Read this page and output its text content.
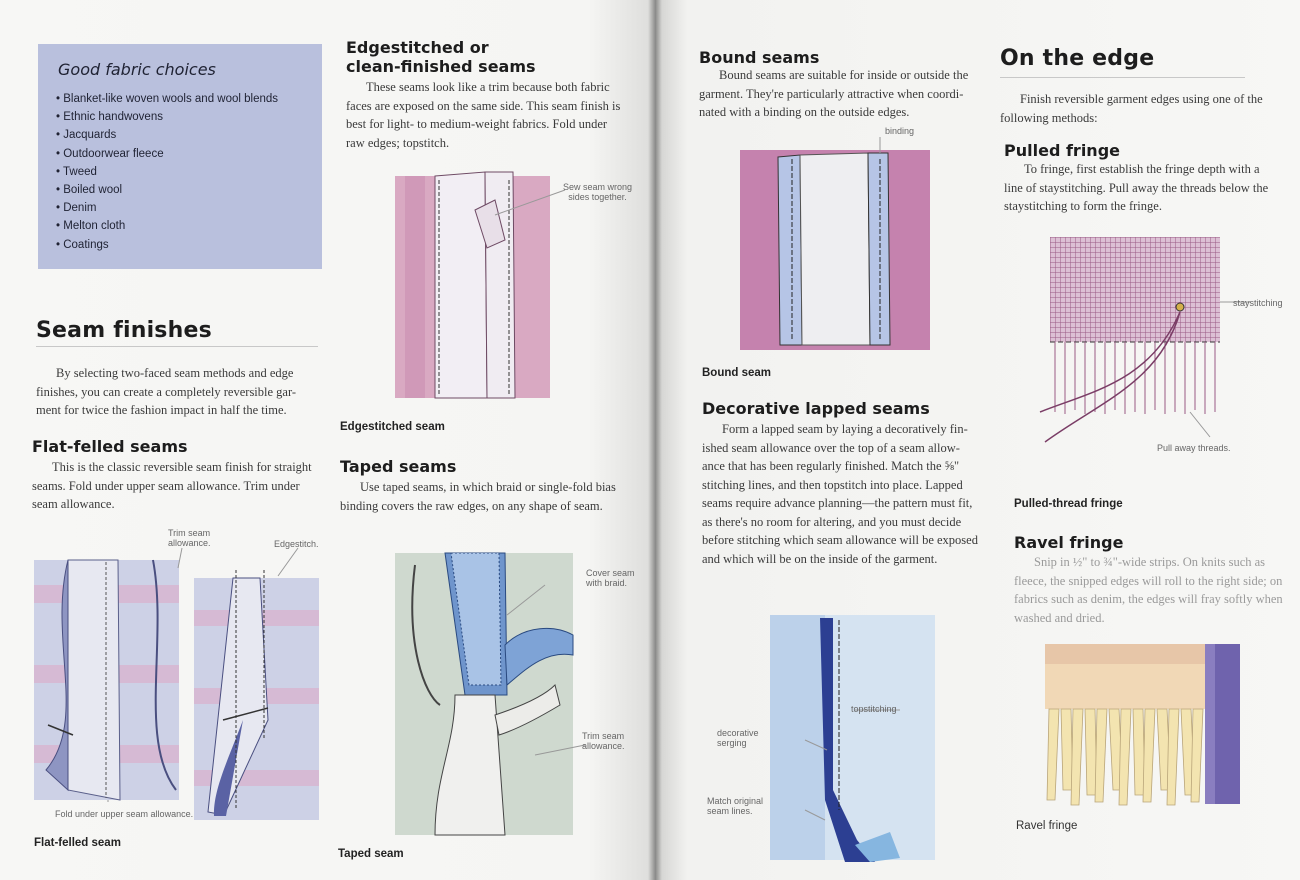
Good fabric choices
• Blanket-like woven wools and wool blends
• Ethnic handwovens
• Jacquards
• Outdoorwear fleece
• Tweed
• Boiled wool
• Denim
• Melton cloth
• Coatings
Seam finishes

By selecting two-faced seam methods and edge

finishes, you can create a completely reversible gar-

ment for twice the fashion impact in half the time.

Flat-felled seams

This is the classic reversible seam finish for straight

seams. Fold under upper seam allowance. Trim under

seam allowance.

Trim seam
allowance.	Edgestitch.
Fold under upper seam allowance.
Flat-felled seam
Edgestitched or
clean-finished seams

These seams look like a trim because both fabric

faces are exposed on the same side. This seam finish is

best for light- to medium-weight fabrics. Fold under

raw edges; topstitch.

Sew seam wrong
sides together.
Edgestitched seam
Taped seams

Use taped seams, in which braid or single-fold bias

binding covers the raw edges, on any shape of seam.

Cover seam
with braid.
Trim seam
allowance.
Taped seam
Bound seams

Bound seams are suitable for inside or outside the

garment. They're particularly attractive when coordi-

nated with a binding on the outside edges.

binding
Bound seam
Decorative lapped seams

Form a lapped seam by laying a decoratively fin-

ished seam allowance over the top of a seam allow-

ance that has been regularly finished. Match the ⅝"

stitching lines, and then topstitch into place. Lapped

seams require advance planning—the pattern must fit,

as there's no room for altering, and you must decide

before stitching which seam allowance will be exposed

and which will be on the inside of the garment.

topstitching
decorative
serging
Match original
seam lines.
On the edge

Finish reversible garment edges using one of the

following methods:

Pulled fringe

To fringe, first establish the fringe depth with a

line of staystitching. Pull away the threads below the

staystitching to form the fringe.

staystitching
Pull away threads.
Pulled-thread fringe
Ravel fringe

Snip in ½" to ¾"-wide strips. On knits such as

fleece, the snipped edges will roll to the right side; on

fabrics such as denim, the edges will fray softly when

washed and dried.

Ravel fringe
